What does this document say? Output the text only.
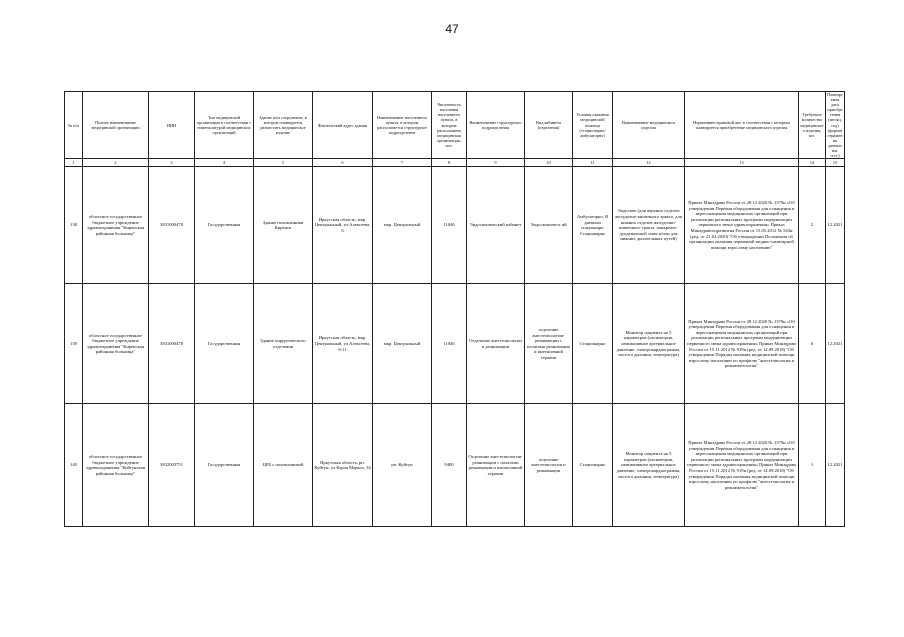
47
№ п/п	Полное наименование медицинской организации	ИНН	Тип медицинской организации в соответствии с номенклатурой медицинских организаций	Здание или сооружение, в котором планируется разместить медицинское изделие	Фактический адрес здания	Наименование населенного пункта, в котором располагается структурное подразделение	Численность населения населенного пункта, в котором расположена медицинская организация, чел.	Наименование структурного подразделения	Вид кабинета (отделения)	Условия оказания медицинской помощи (стационарно/амбулаторно)	Наименование медицинского изделия	Нормативно-правовой акт, в соответствии с которым планируется приобретение медицинского изделия	Требуемое количество медицинского изделия, шт.	Планируемая дата приобретения (месяц, год) (формат отражения данных мм. гггг.)
1	2	3	4	5	6	7	8	9	10	11	12	13	14	15
138	областное государственное бюджетное учреждение здравоохранения "Киренская районная больница"	3831000478	Государственная	Здание поликлиники Киренск	Иркутская область, мкр. Центральный, ул.Алексеева, 6	мкр. Центральный	11046	Эндоскопический кабинет	Эндоскопическ ий	Амбулаторно, В дневном стационаре, Стационарно	Эндоскоп (для верхних отделов желудочно-кишечного тракта, для нижних отделов желудочно-кишечного тракта, панкреато-дуоденальной зоны и/или для нижних дыхательных путей)	Приказ Минздрава России от 28.12.2020 № 1379н «Об утверждении Перечня оборудования для оснащения и переоснащения медицинских организаций при реализации региональных программ модернизации первичного звена здравоохранения» Приказ Минздравсоцразвития России от 15.05.2012 № 543н (ред. от 21.02.2020) "Об утверждении Положения об организации оказания первичной медико-санитарной помощи взрослому населению"	2	12.2021
139	областное государственное бюджетное учреждение здравоохранения "Киренская районная больница"	3831000478	Государственная	Здание хирургического отделения	Иркутская область, мкр. Центральный, ул.Алексеева, 6-11	мкр. Центральный	11046	Отделение анестезиологии и реанимации	отделение анестезиологии-реанимации с палатами реанимации и интенсивной терапии	Стационарно	Монитор пациента на 5 параметров (оксиметрия, неинвазивное артериальное давление, электрокардиограмма, частота дыхания, температура)	Приказ Минздрава России от 28.12.2020 № 1379н «Об утверждении Перечня оборудования для оснащения и переоснащения медицинских организаций при реализации региональных программ модернизации первичного звена здравоохранения» Приказ Минздрава России от 15.11.2012 № 919н (ред. от 14.09.2018) "Об утверждении Порядка оказания медицинской помощи взрослому населению по профилю "анестезиология и реаниматология"	6	12.2021
140	областное государственное бюджетное учреждение здравоохранения "Куйтунская районная больница"	3832003751	Государственная	ЦРБ с поликлиникой	Иркутская область, рп. Куйтун, ул.Карла Маркса, 34	рп. Куйтун	9400	Отделение анестезиологии-реанимации с палатами реанимации и интенсивной терапии	отделение анестезиологии и реанимации	Стационарно	Монитор пациента на 5 параметров (оксиметрия, неинвазивное артериальное давление, электрокардиограмма, частота дыхания, температура)	Приказ Минздрава России от 28.12.2020 № 1379н «Об утверждении Перечня оборудования для оснащения и переоснащения медицинских организаций при реализации региональных программ модернизации первичного звена здравоохранения» Приказ Минздрава России от 15.11.2012 № 919н (ред. от 14.09.2018) "Об утверждении Порядка оказания медицинской помощи взрослому населению по профилю "анестезиология и реаниматология"	1	12.2021
